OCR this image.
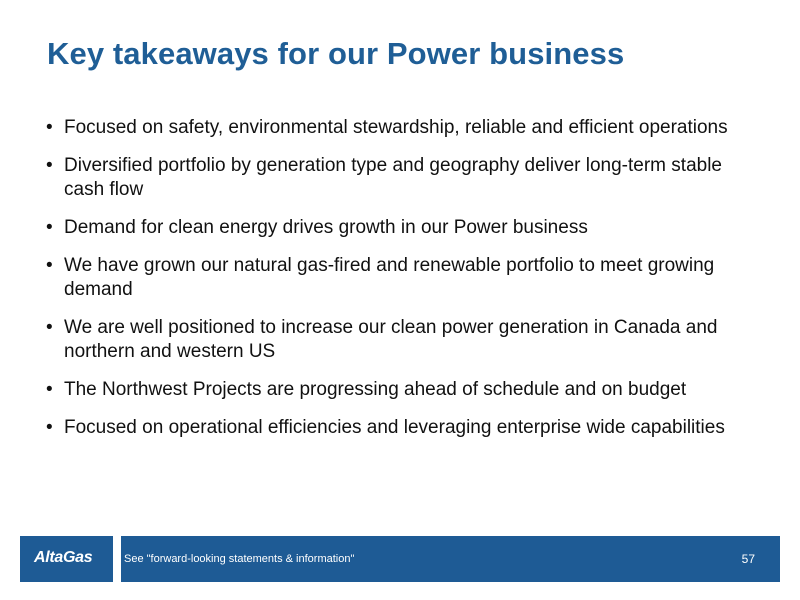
Key takeaways for our Power business
• Focused on safety, environmental stewardship, reliable and efficient operations
• Diversified portfolio by generation type and geography deliver long-term stable cash flow
• Demand for clean energy drives growth in our Power business
• We have grown our natural gas-fired and renewable portfolio to meet growing demand
• We are well positioned to increase our clean power generation in Canada and northern and western US
• The Northwest Projects are progressing ahead of schedule and on budget
• Focused on operational efficiencies and leveraging enterprise wide capabilities
AltaGas	See "forward-looking statements & information"	57
